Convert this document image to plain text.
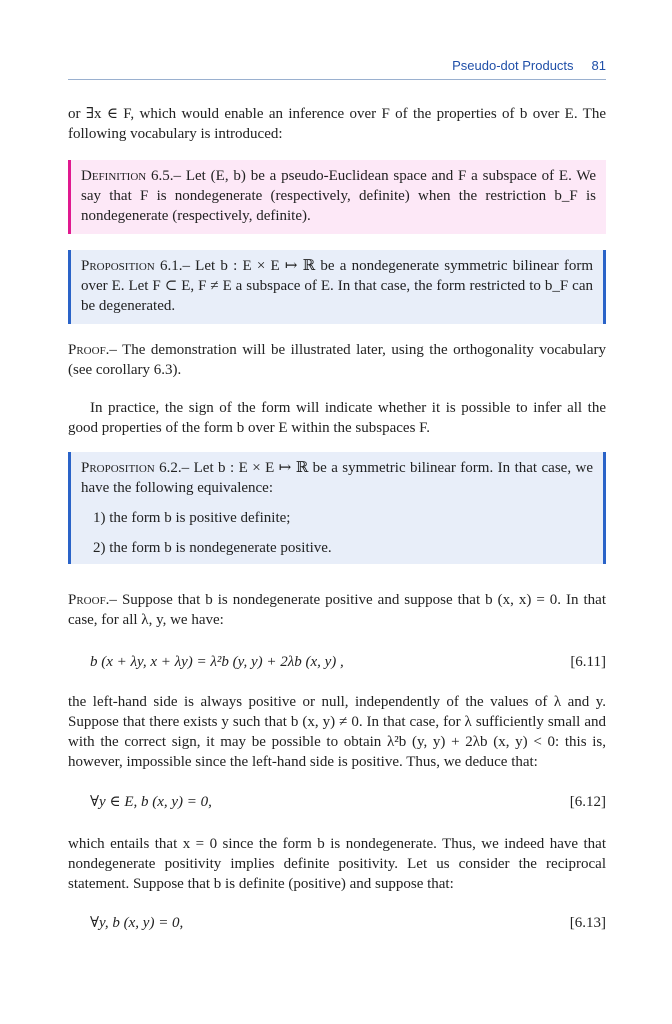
Pseudo-dot Products 81

or ∃x ∈ F, which would enable an inference over F of the properties of b over E. The following vocabulary is introduced:

Definition 6.5.– Let (E, b) be a pseudo-Euclidean space and F a subspace of E. We say that F is nondegenerate (respectively, definite) when the restriction b_F is nondegenerate (respectively, definite).
Proposition 6.1.– Let b : E × E ↦ ℝ be a nondegenerate symmetric bilinear form over E. Let F ⊂ E, F ≠ E a subspace of E. In that case, the form restricted to b_F can be degenerated.

Proof.– The demonstration will be illustrated later, using the orthogonality vocabulary (see corollary 6.3).

In practice, the sign of the form will indicate whether it is possible to infer all the good properties of the form b over E within the subspaces F.

Proposition 6.2.– Let b : E × E ↦ ℝ be a symmetric bilinear form. In that case, we have the following equivalence:
1) the form b is positive definite;
2) the form b is nondegenerate positive.

Proof.– Suppose that b is nondegenerate positive and suppose that b (x, x) = 0. In that case, for all λ, y, we have:

b (x + λy, x + λy) = λ²b (y, y) + 2λb (x, y) ,	[6.11]

the left-hand side is always positive or null, independently of the values of λ and y. Suppose that there exists y such that b (x, y) ≠ 0. In that case, for λ sufficiently small and with the correct sign, it may be possible to obtain λ²b (y, y) + 2λb (x, y) < 0: this is, however, impossible since the left-hand side is positive. Thus, we deduce that:

∀y ∈ E, b (x, y) = 0,	[6.12]

which entails that x = 0 since the form b is nondegenerate. Thus, we indeed have that nondegenerate positivity implies definite positivity. Let us consider the reciprocal statement. Suppose that b is definite (positive) and suppose that:

∀y, b (x, y) = 0,	[6.13]
